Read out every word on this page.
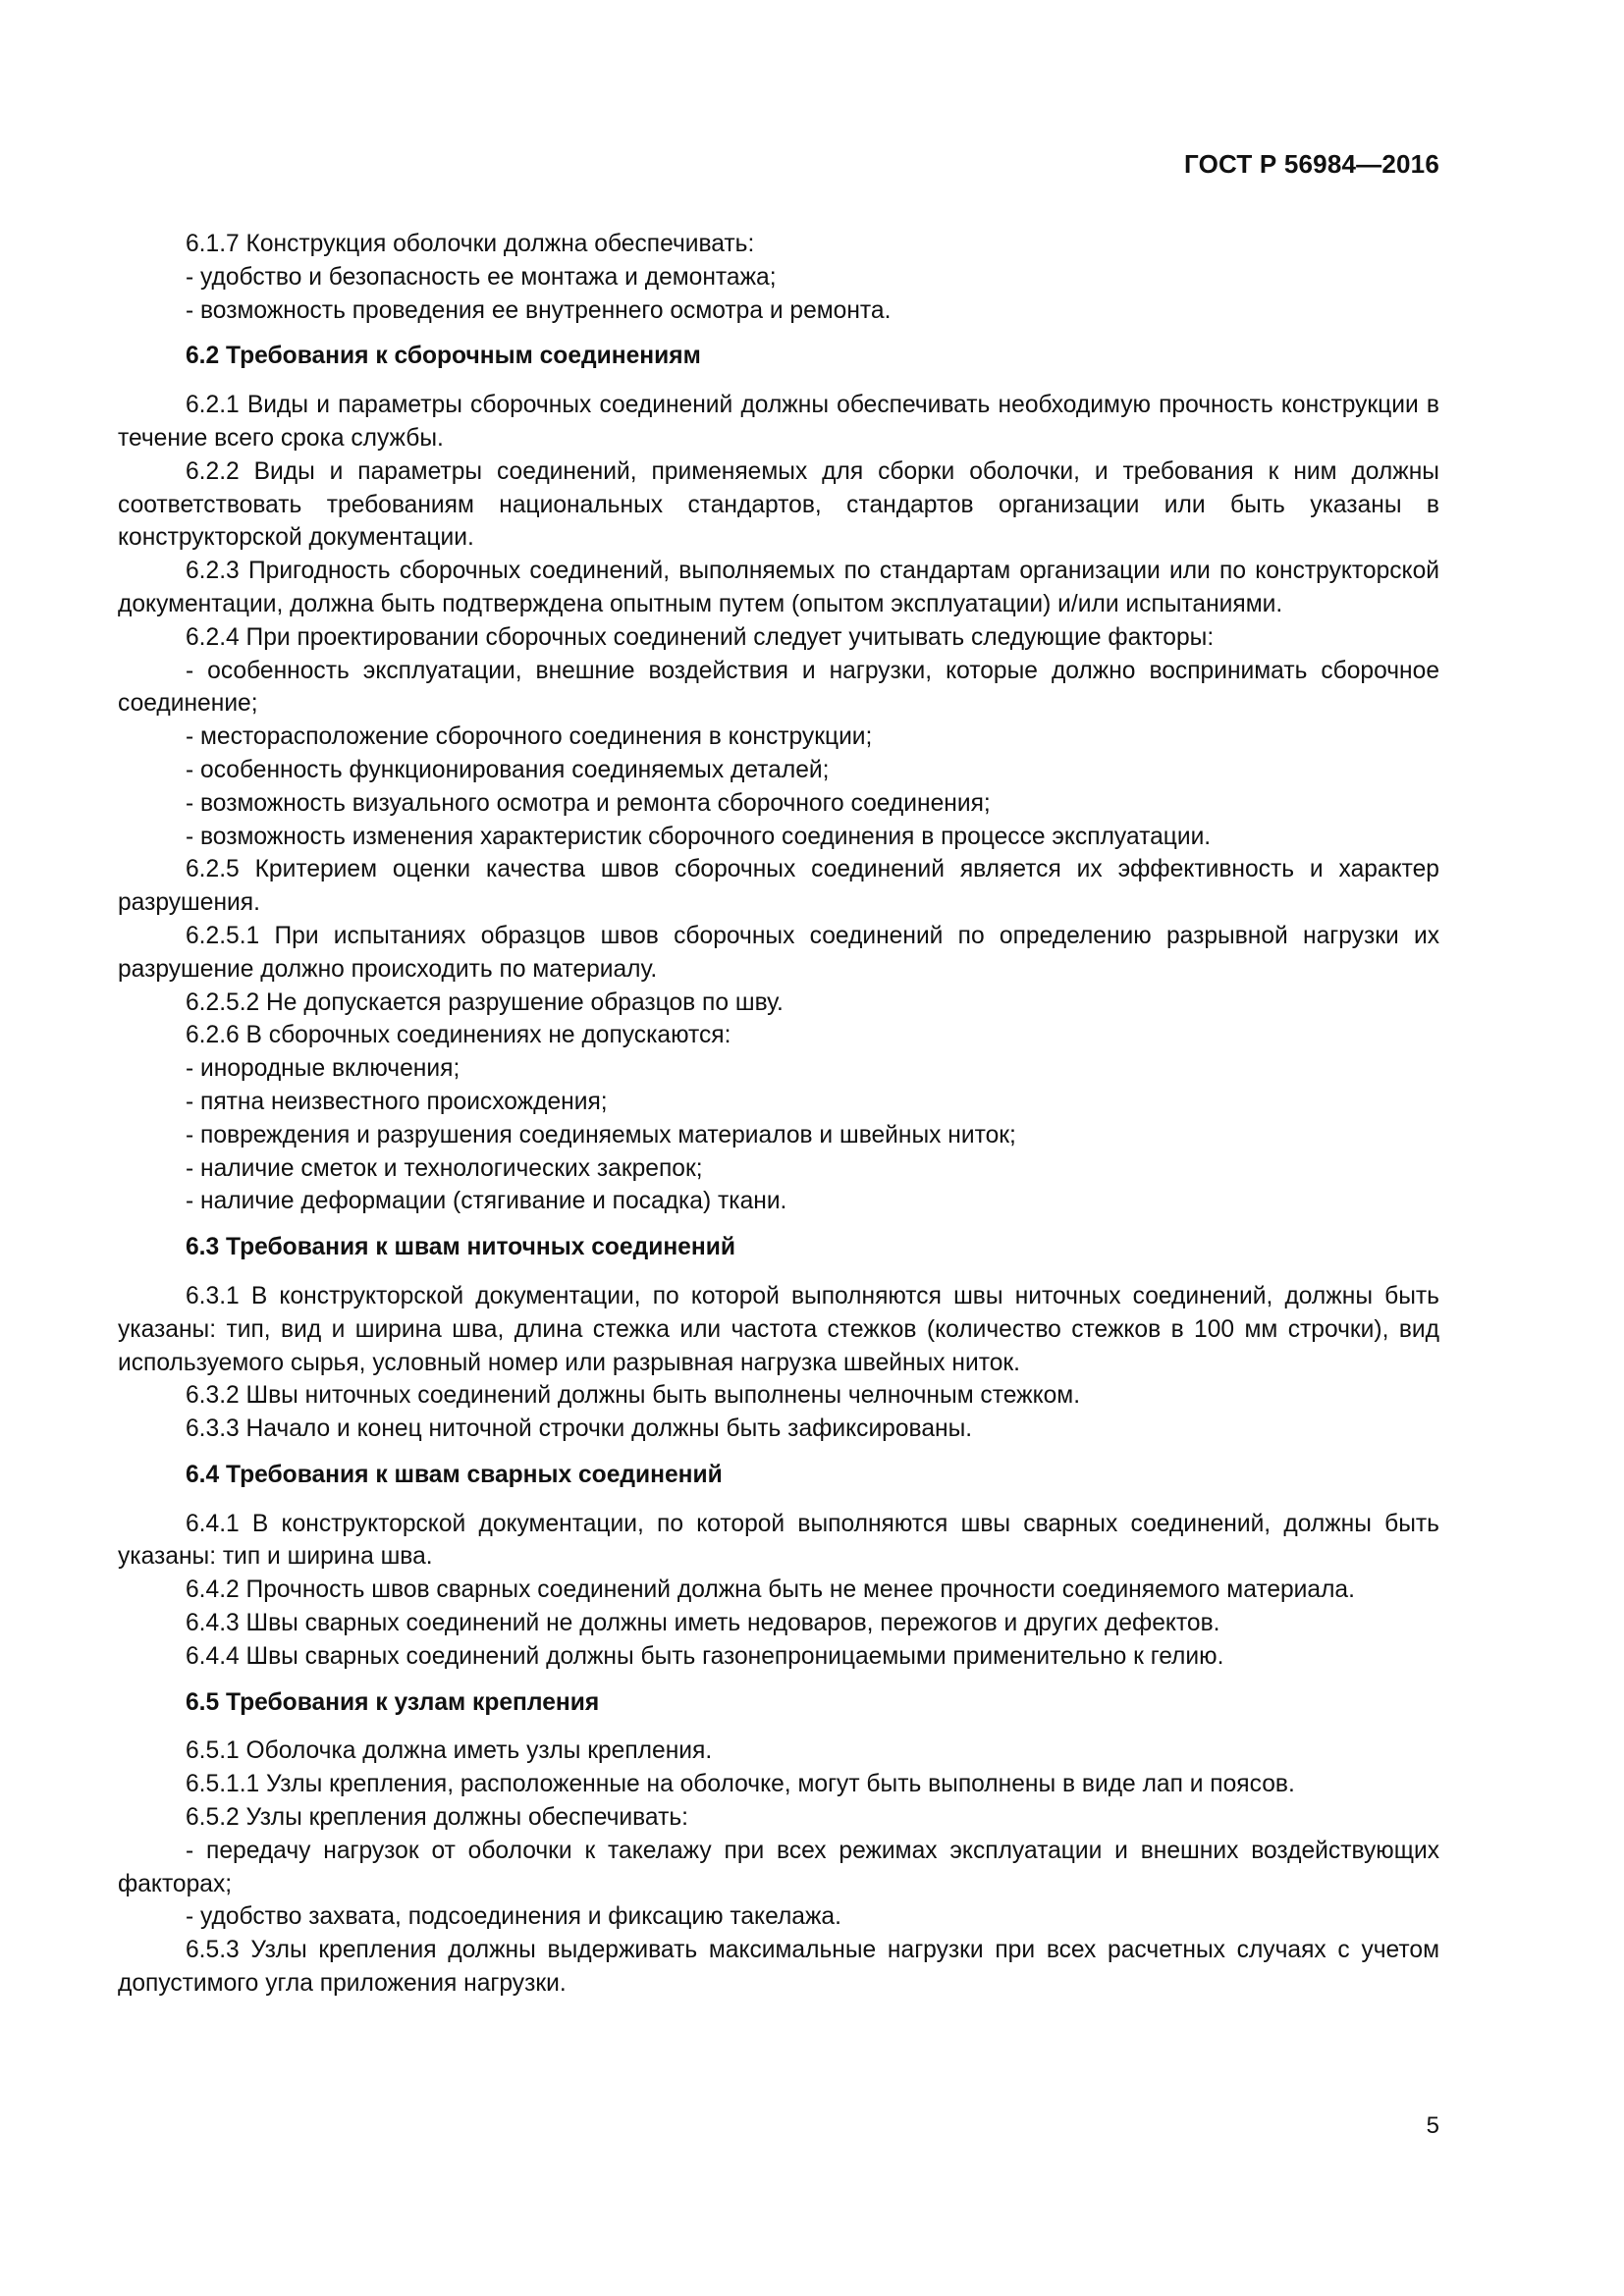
ГОСТ Р 56984—2016

6.1.7 Конструкция оболочки должна обеспечивать:

- удобство и безопасность ее монтажа и демонтажа;

- возможность проведения ее внутреннего осмотра и ремонта.

6.2 Требования к сборочным соединениям

6.2.1 Виды и параметры сборочных соединений должны обеспечивать необходимую прочность конструкции в течение всего срока службы.

6.2.2 Виды и параметры соединений, применяемых для сборки оболочки, и требования к ним должны соответствовать требованиям национальных стандартов, стандартов организации или быть указаны в конструкторской документации.

6.2.3 Пригодность сборочных соединений, выполняемых по стандартам организации или по конструкторской документации, должна быть подтверждена опытным путем (опытом эксплуатации) и/или испытаниями.

6.2.4 При проектировании сборочных соединений следует учитывать следующие факторы:

- особенность эксплуатации, внешние воздействия и нагрузки, которые должно воспринимать сборочное соединение;

- месторасположение сборочного соединения в конструкции;

- особенность функционирования соединяемых деталей;

- возможность визуального осмотра и ремонта сборочного соединения;

- возможность изменения характеристик сборочного соединения в процессе эксплуатации.

6.2.5 Критерием оценки качества швов сборочных соединений является их эффективность и характер разрушения.

6.2.5.1 При испытаниях образцов швов сборочных соединений по определению разрывной нагрузки их разрушение должно происходить по материалу.

6.2.5.2 Не допускается разрушение образцов по шву.

6.2.6 В сборочных соединениях не допускаются:

- инородные включения;

- пятна неизвестного происхождения;

- повреждения и разрушения соединяемых материалов и швейных ниток;

- наличие сметок и технологических закрепок;

- наличие деформации (стягивание и посадка) ткани.

6.3 Требования к швам ниточных соединений

6.3.1 В конструкторской документации, по которой выполняются швы ниточных соединений, должны быть указаны: тип, вид и ширина шва, длина стежка или частота стежков (количество стежков в 100 мм строчки), вид используемого сырья, условный номер или разрывная нагрузка швейных ниток.

6.3.2 Швы ниточных соединений должны быть выполнены челночным стежком.

6.3.3 Начало и конец ниточной строчки должны быть зафиксированы.

6.4 Требования к швам сварных соединений

6.4.1 В конструкторской документации, по которой выполняются швы сварных соединений, должны быть указаны: тип и ширина шва.

6.4.2 Прочность швов сварных соединений должна быть не менее прочности соединяемого материала.

6.4.3 Швы сварных соединений не должны иметь недоваров, пережогов и других дефектов.

6.4.4 Швы сварных соединений должны быть газонепроницаемыми применительно к гелию.

6.5 Требования к узлам крепления

6.5.1 Оболочка должна иметь узлы крепления.

6.5.1.1 Узлы крепления, расположенные на оболочке, могут быть выполнены в виде лап и поясов.

6.5.2 Узлы крепления должны обеспечивать:

- передачу нагрузок от оболочки к такелажу при всех режимах эксплуатации и внешних воздействующих факторах;

- удобство захвата, подсоединения и фиксацию такелажа.

6.5.3 Узлы крепления должны выдерживать максимальные нагрузки при всех расчетных случаях с учетом допустимого угла приложения нагрузки.

5
